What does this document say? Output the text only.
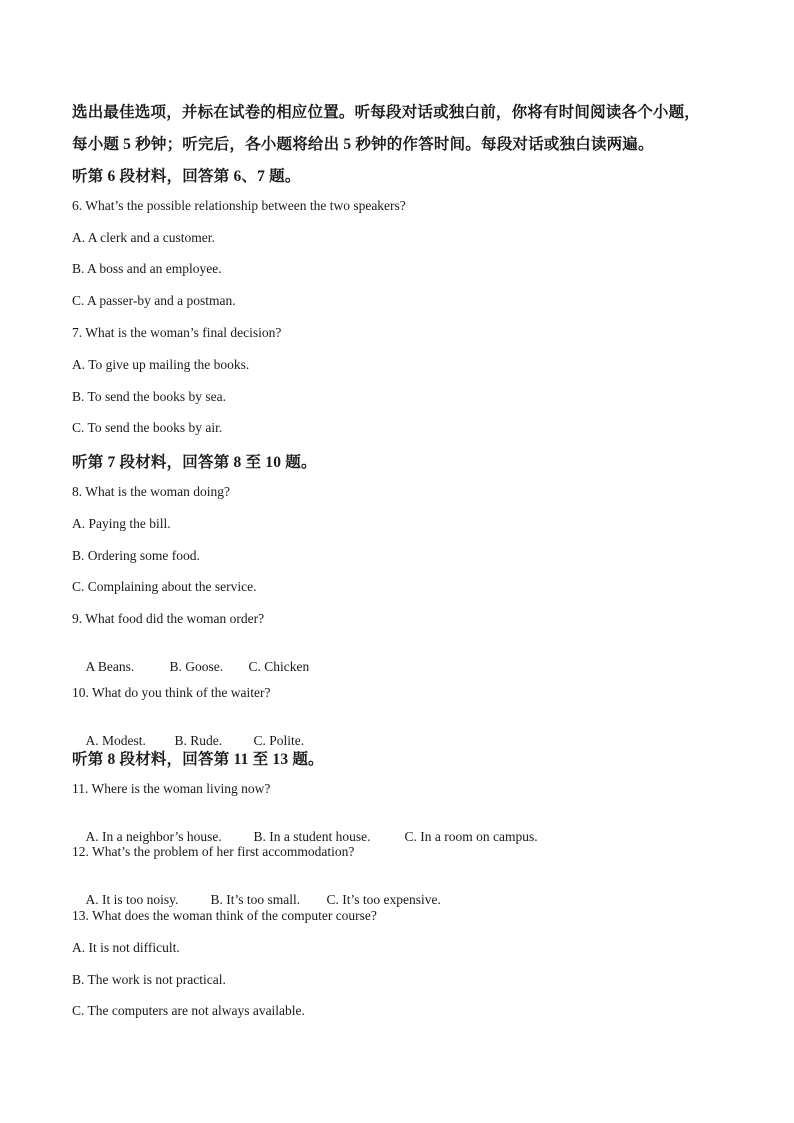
选出最佳选项，并标在试卷的相应位置。听每段对话或独白前，你将有时间阅读各个小题，
每小题 5 秒钟；听完后，各小题将给出 5 秒钟的作答时间。每段对话或独白读两遍。
听第 6 段材料，回答第 6、7 题。
6. What’s the possible relationship between the two speakers?
A. A clerk and a customer.
B. A boss and an employee.
C. A passer-by and a postman.
7. What is the woman’s final decision?
A. To give up mailing the books.
B. To send the books by sea.
C. To send the books by air.
听第 7 段材料，回答第 8 至 10 题。
8. What is the woman doing?
A. Paying the bill.
B. Ordering some food.
C. Complaining about the service.
9. What food did the woman order?

A Beans.	B. Goose. C. Chicken

10. What do you think of the waiter?

A. Modest. B. Rude. C. Polite.

听第 8 段材料，回答第 11 至 13 题。
11. Where is the woman living now?

A. In a neighbor’s house. B. In a student house.	C. In a room on campus.

12. What’s the problem of her first accommodation?

A. It is too noisy. B. It’s too small. C. It’s too expensive.

13. What does the woman think of the computer course?
A. It is not difficult.
B. The work is not practical.
C. The computers are not always available.
